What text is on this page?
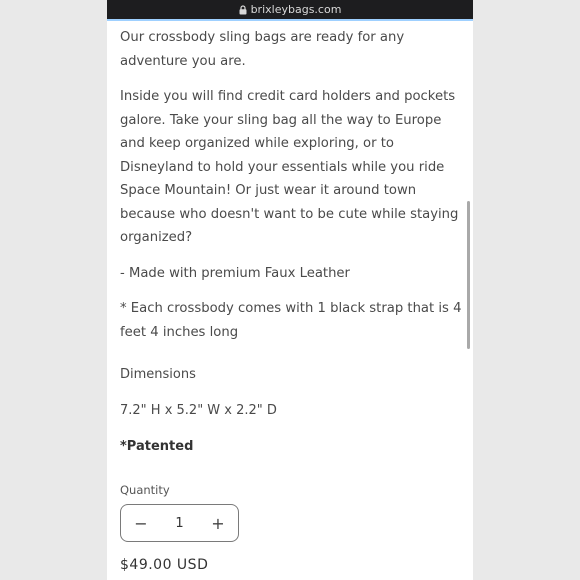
brixleybags.com

Our crossbody sling bags are ready for any adventure you are.

Inside you will find credit card holders and pockets galore. Take your sling bag all the way to Europe and keep organized while exploring, or to Disneyland to hold your essentials while you ride Space Mountain! Or just wear it around town because who doesn't want to be cute while staying organized?

- Made with premium Faux Leather

* Each crossbody comes with 1 black strap that is 4 feet 4 inches long

Dimensions
7.2" H x 5.2" W x 2.2" D
*Patented
Quantity
− 1 +
$49.00 USD
